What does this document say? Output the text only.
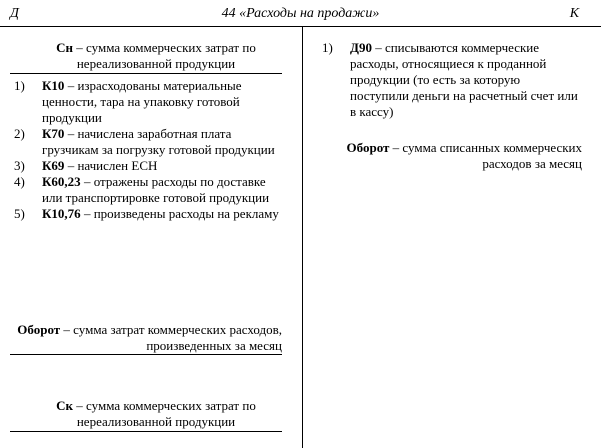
Д	44 «Расходы на продажи»	К
Сн – сумма коммерческих затрат по нереализованной продукции
1) К10 – израсходованы материальные ценности, тара на упаковку готовой продукции
2) К70 – начислена заработная плата грузчикам за погрузку готовой продукции
3) К69 – начислен ЕСН
4) К60,23 – отражены расходы по доставке или транспортировке готовой продукции
5) К10,76 – произведены расходы на рекламу
Оборот – сумма затрат коммерческих расходов, произведенных за месяц
Ск – сумма коммерческих затрат по нереализованной продукции
1) Д90 – списываются коммерческие расходы, относящиеся к проданной продукции (то есть за которую поступили деньги на расчетный счет или в кассу)
Оборот – сумма списанных коммерческих расходов за месяц
